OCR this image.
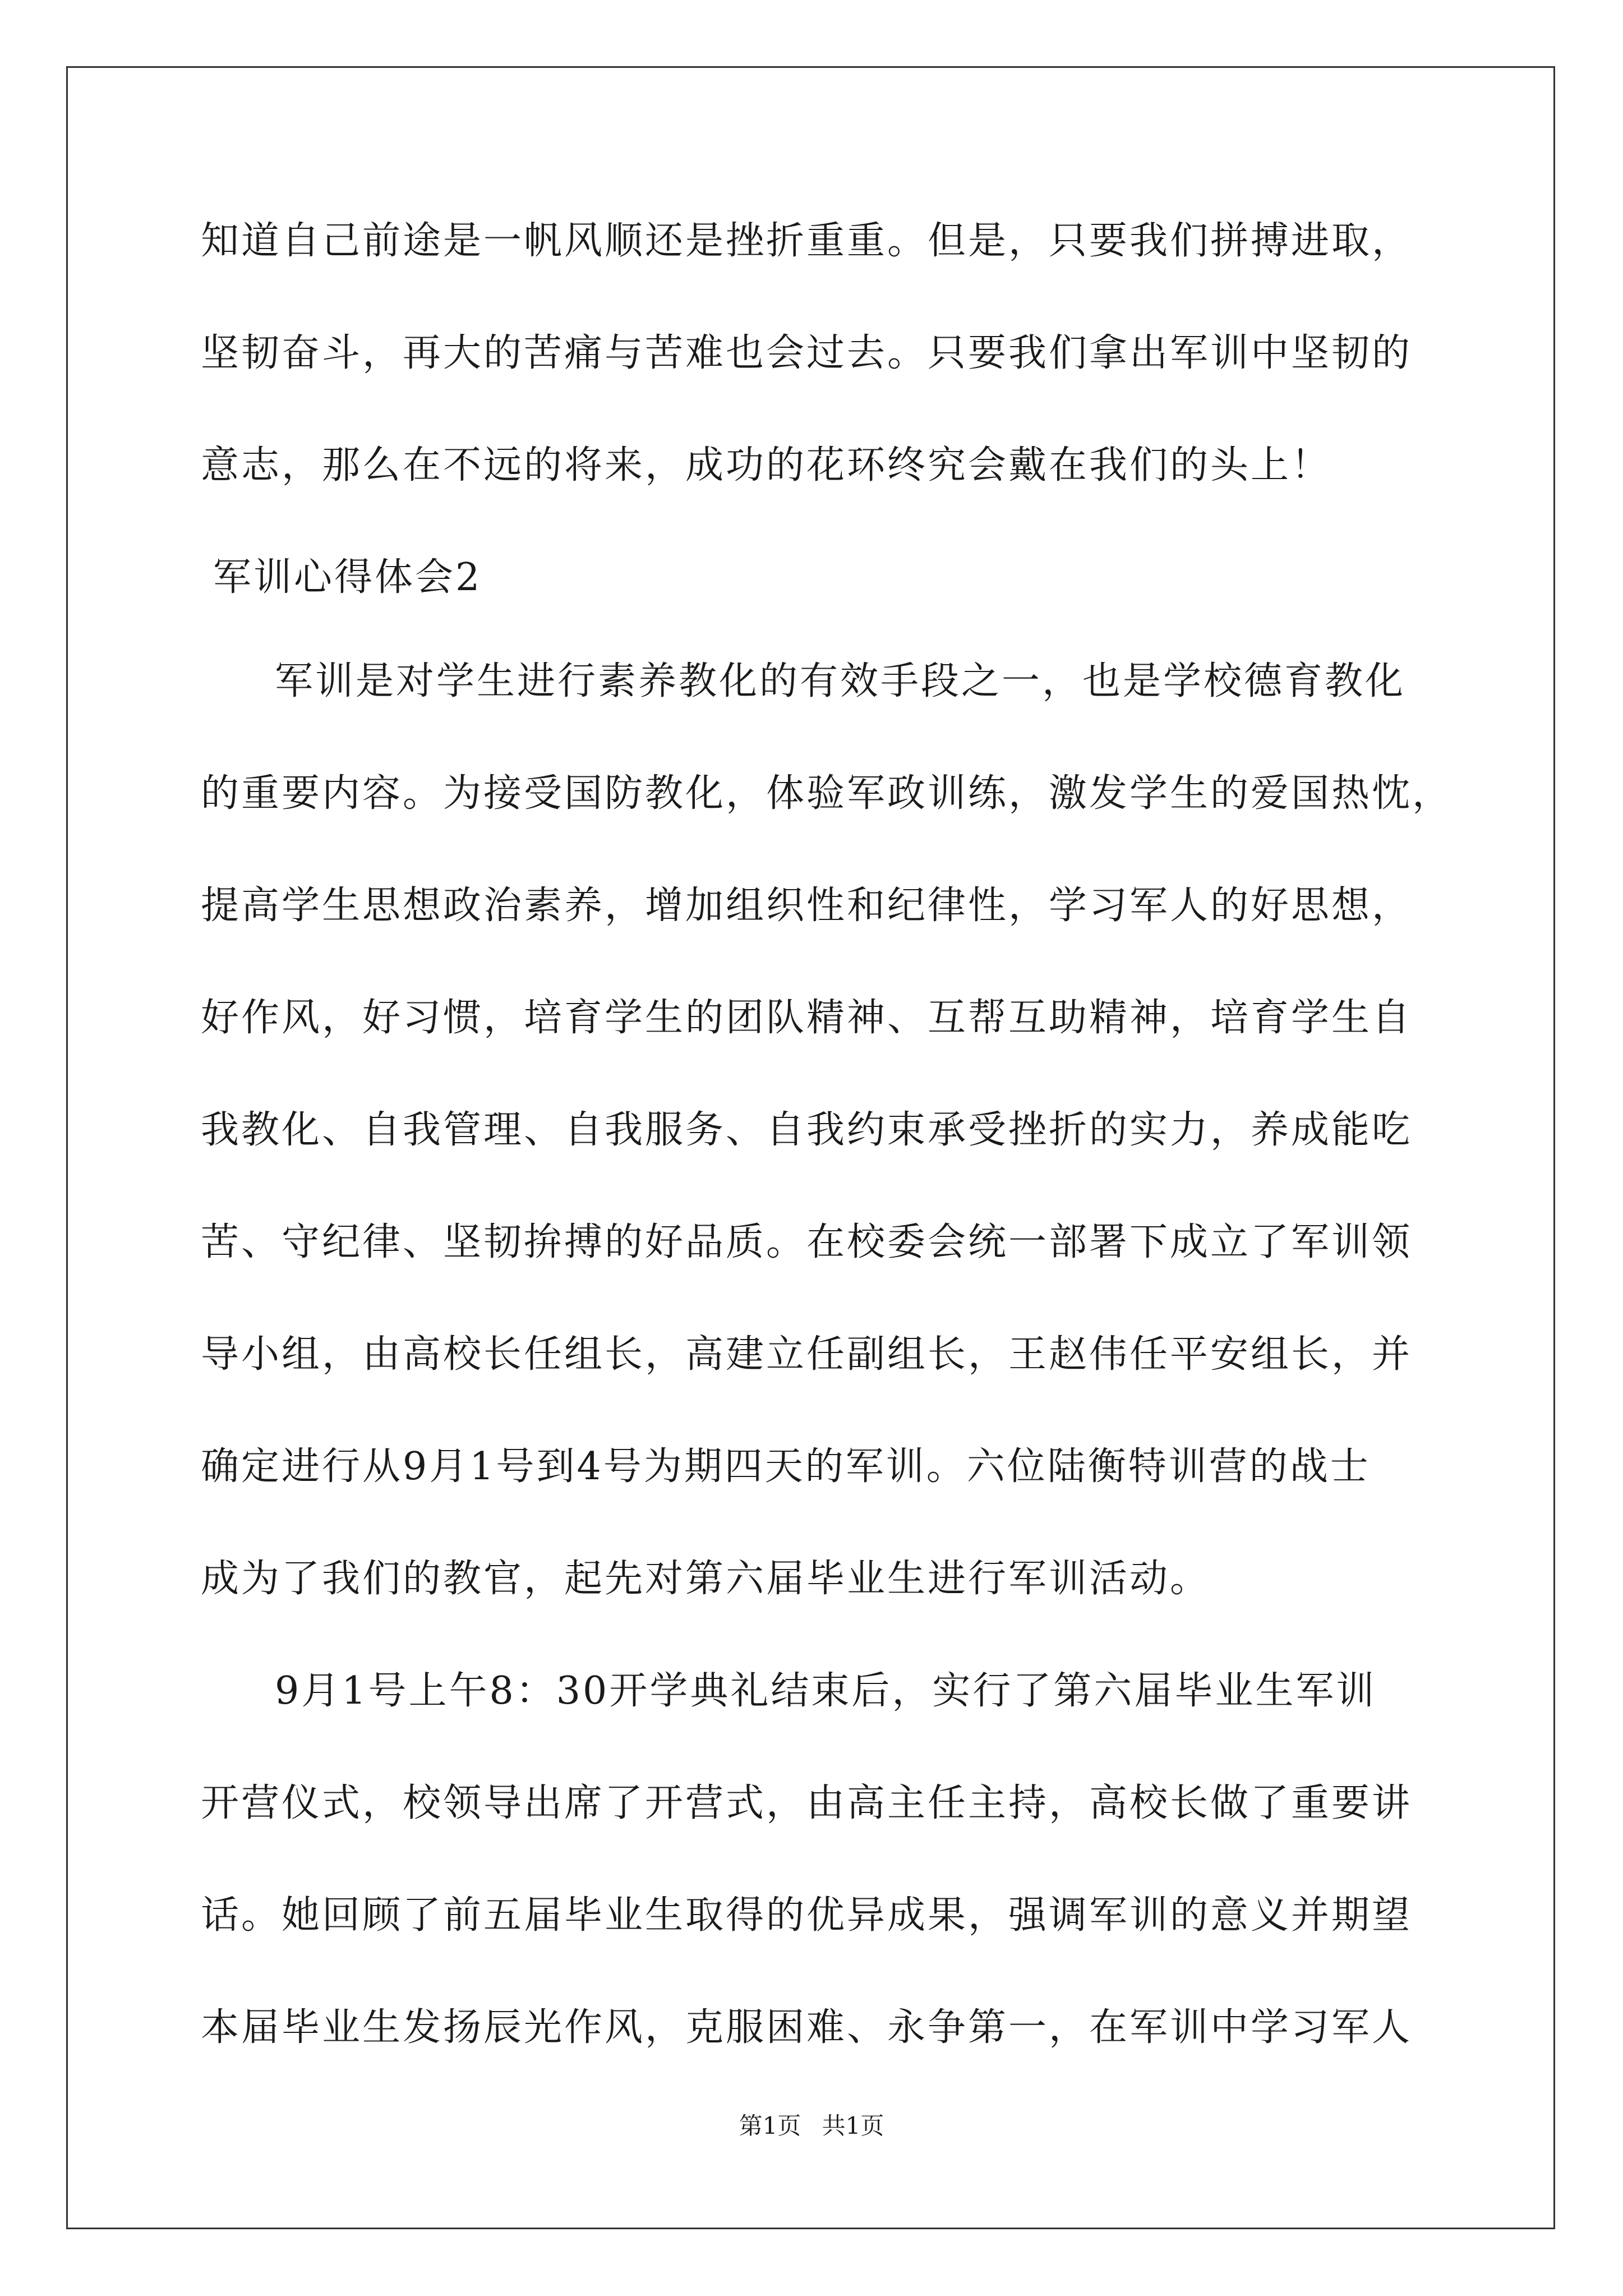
知道自己前途是一帆风顺还是挫折重重。但是，只要我们拼搏进取，
坚韧奋斗，再大的苦痛与苦难也会过去。只要我们拿出军训中坚韧的
意志，那么在不远的将来，成功的花环终究会戴在我们的头上！
军训心得体会2
军训是对学生进行素养教化的有效手段之一，也是学校德育教化
的重要内容。为接受国防教化，体验军政训练，激发学生的爱国热忱，
提高学生思想政治素养，增加组织性和纪律性，学习军人的好思想，
好作风，好习惯，培育学生的团队精神、互帮互助精神，培育学生自
我教化、自我管理、自我服务、自我约束承受挫折的实力，养成能吃
苦、守纪律、坚韧拚搏的好品质。在校委会统一部署下成立了军训领
导小组，由高校长任组长，高建立任副组长，王赵伟任平安组长，并
确定进行从9月1号到4号为期四天的军训。六位陆衡特训营的战士
成为了我们的教官，起先对第六届毕业生进行军训活动。
9月1号上午8：30开学典礼结束后，实行了第六届毕业生军训
开营仪式，校领导出席了开营式，由高主任主持，高校长做了重要讲
话。她回顾了前五届毕业生取得的优异成果，强调军训的意义并期望
本届毕业生发扬辰光作风，克服困难、永争第一，在军训中学习军人
第1页 共1页
